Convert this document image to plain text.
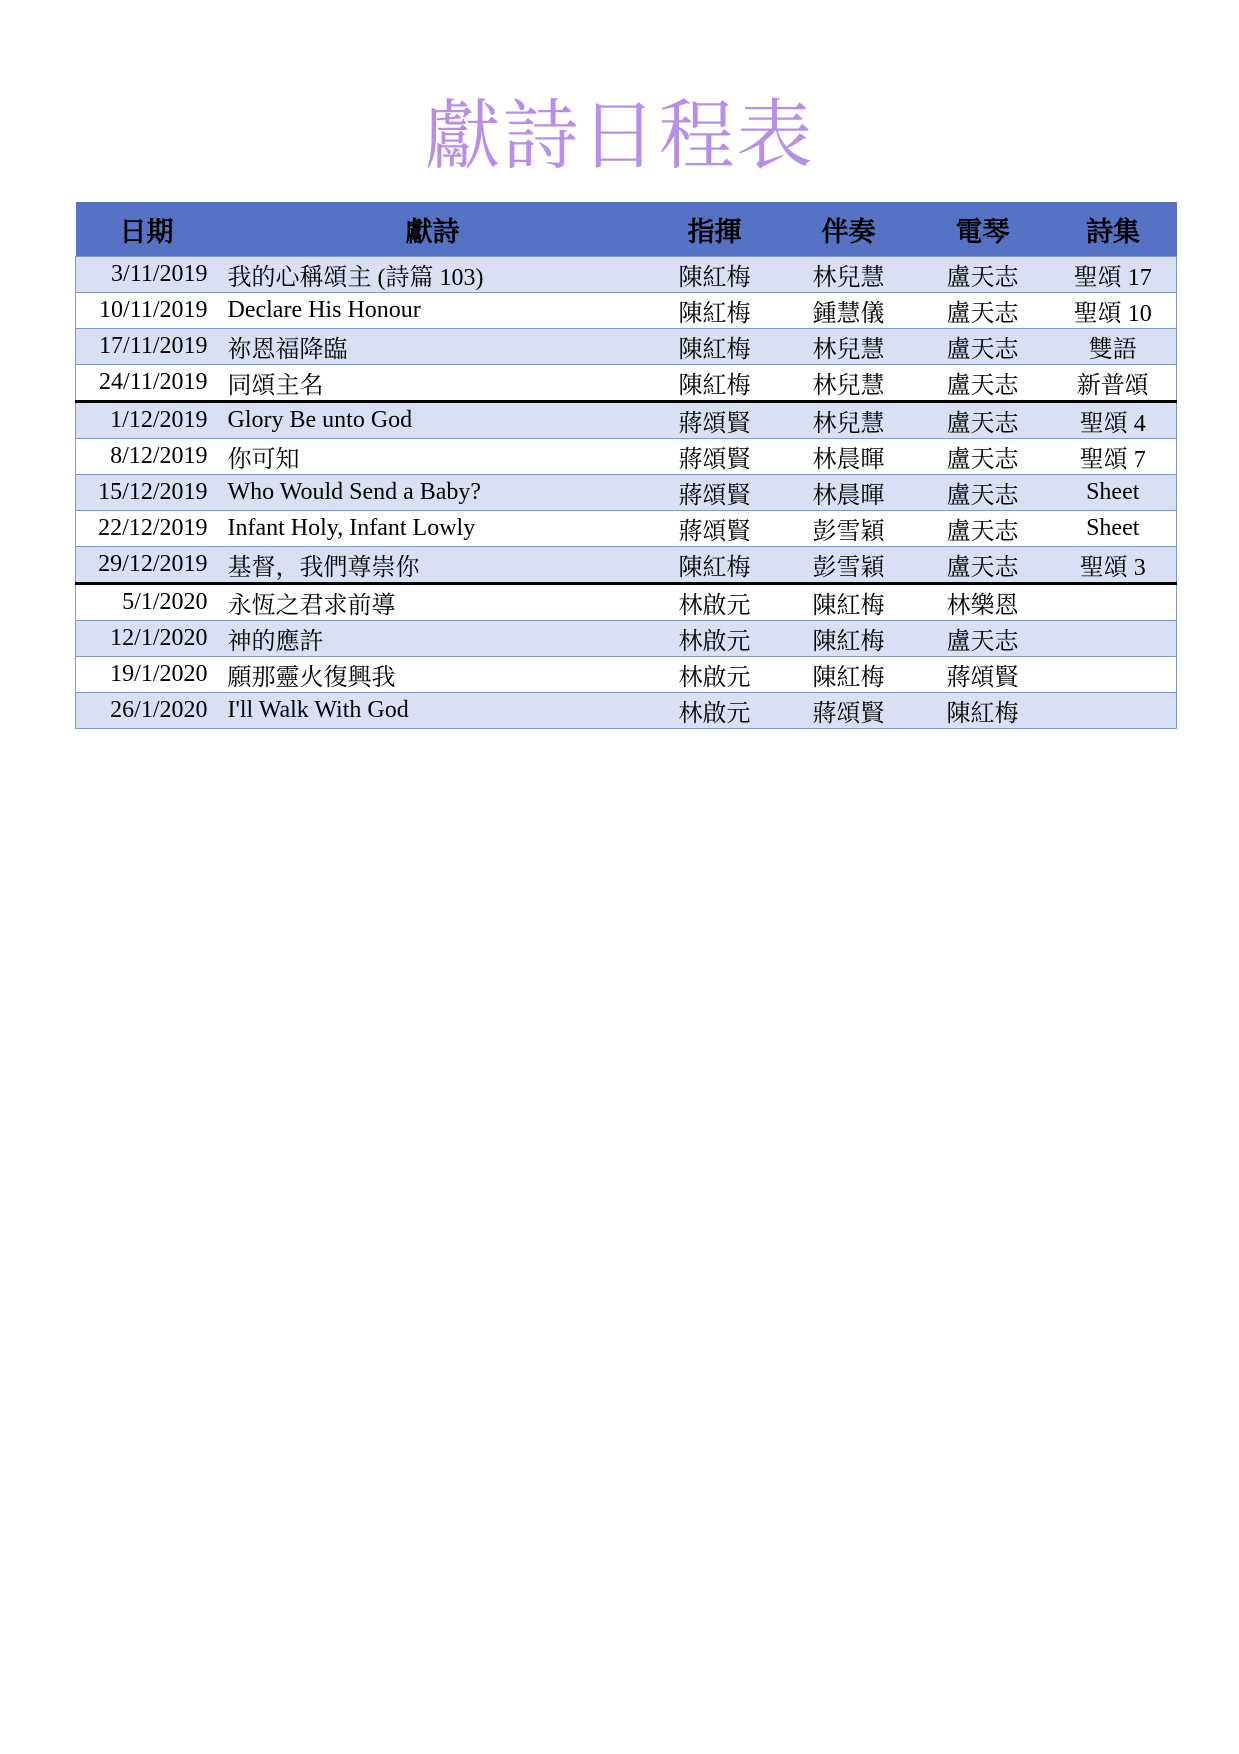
獻詩日程表
日期	獻詩	指揮	伴奏	電琴	詩集
3/11/2019	我的心稱頌主 (詩篇 103)	陳紅梅	林兒慧	盧天志	聖頌 17
10/11/2019	Declare His Honour	陳紅梅	鍾慧儀	盧天志	聖頌 10
17/11/2019	祢恩福降臨	陳紅梅	林兒慧	盧天志	雙語
24/11/2019	同頌主名	陳紅梅	林兒慧	盧天志	新普頌
1/12/2019	Glory Be unto God	蔣頌賢	林兒慧	盧天志	聖頌 4
8/12/2019	你可知	蔣頌賢	林晨暉	盧天志	聖頌 7
15/12/2019	Who Would Send a Baby?	蔣頌賢	林晨暉	盧天志	Sheet
22/12/2019	Infant Holy, Infant Lowly	蔣頌賢	彭雪穎	盧天志	Sheet
29/12/2019	基督，我們尊崇你	陳紅梅	彭雪穎	盧天志	聖頌 3
5/1/2020	永恆之君求前導	林啟元	陳紅梅	林樂恩	
12/1/2020	神的應許	林啟元	陳紅梅	盧天志	
19/1/2020	願那靈火復興我	林啟元	陳紅梅	蔣頌賢	
26/1/2020	I'll Walk With God	林啟元	蔣頌賢	陳紅梅	
